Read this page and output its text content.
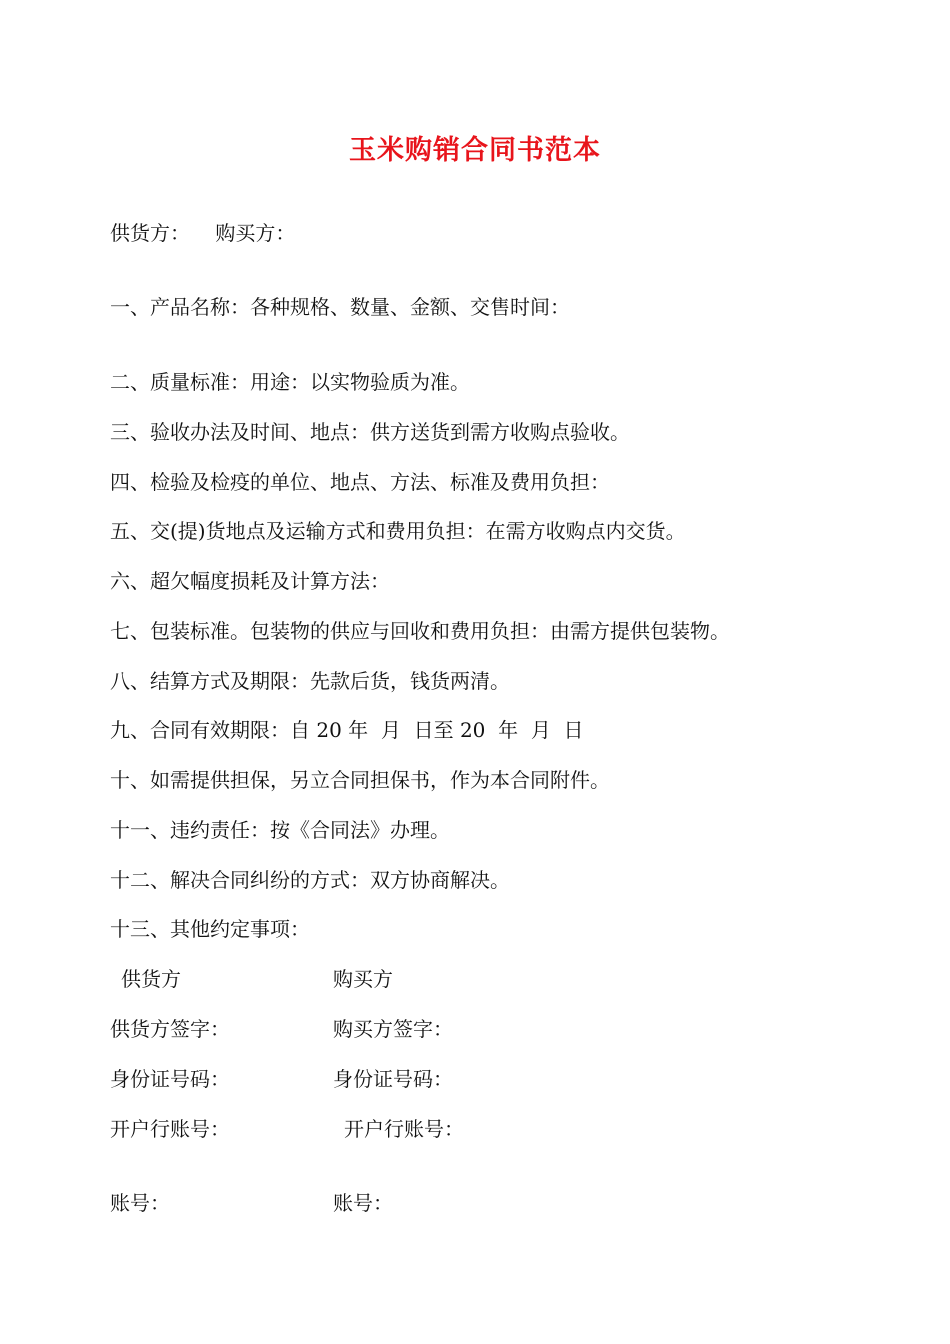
玉米购销合同书范本
供货方：    购买方：
一、产品名称：各种规格、数量、金额、交售时间：
二、质量标准：用途：以实物验质为准。
三、验收办法及时间、地点：供方送货到需方收购点验收。
四、检验及检疫的单位、地点、方法、标准及费用负担：
五、交(提)货地点及运输方式和费用负担：在需方收购点内交货。
六、超欠幅度损耗及计算方法：
七、包装标准。包装物的供应与回收和费用负担：由需方提供包装物。
八、结算方式及期限：先款后货，钱货两清。
九、合同有效期限：自 20 年  月  日至 20  年  月  日
十、如需提供担保，另立合同担保书，作为本合同附件。
十一、违约责任：按《合同法》办理。
十二、解决合同纠纷的方式：双方协商解决。
十三、其他约定事项：
供货方	购买方
供货方签字：	购买方签字：
身份证号码：	身份证号码：
开户行账号：	开户行账号：
账号：	账号：
